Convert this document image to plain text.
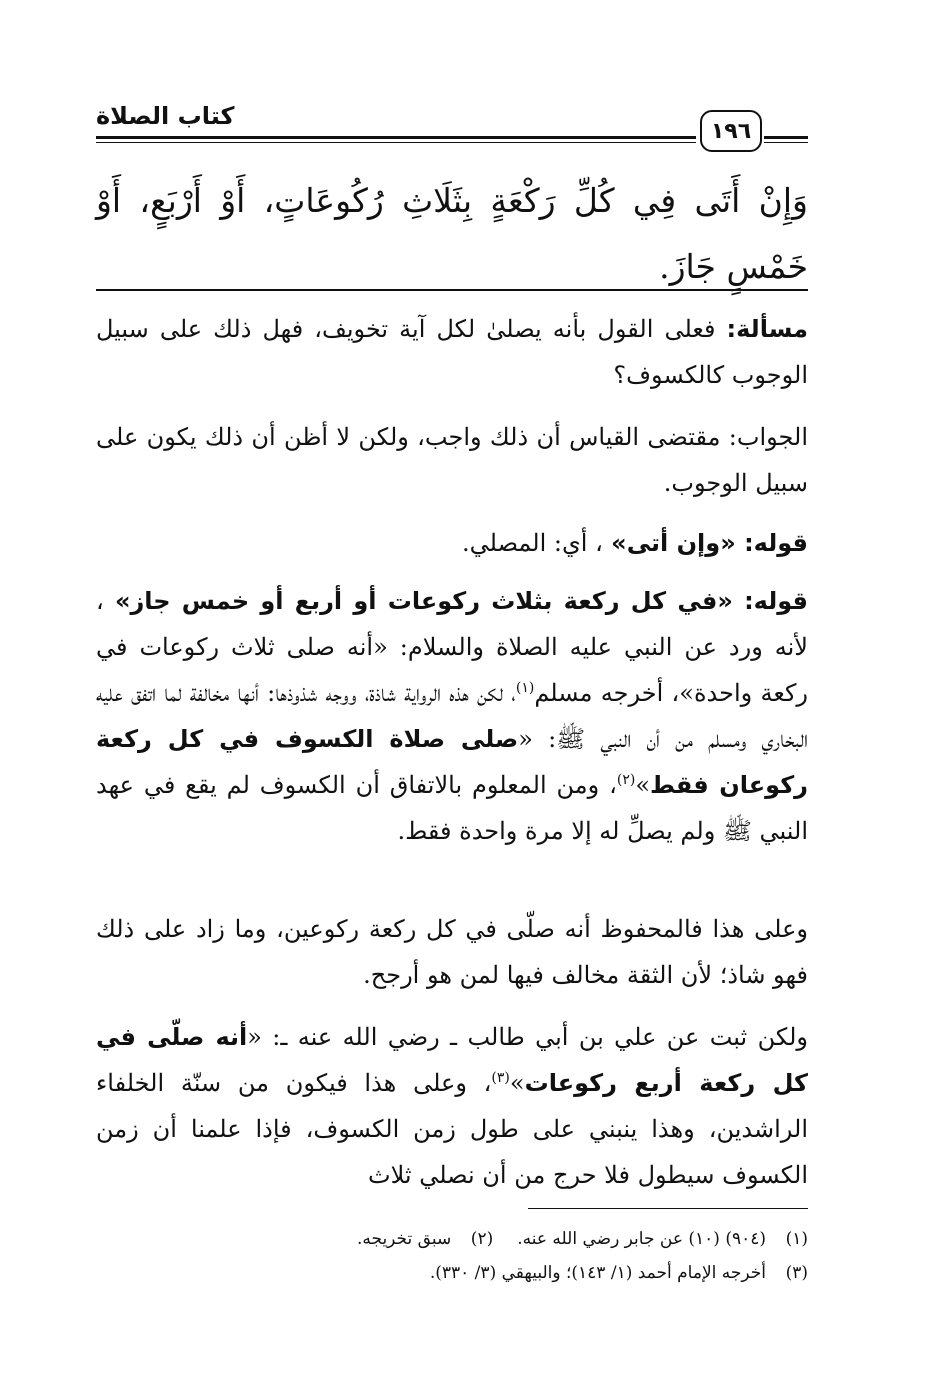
كتاب الصلاة
١٩٦
وَإِنْ أَتَى فِي كُلِّ رَكْعَةٍ بِثَلَاثِ رُكُوعَاتٍ، أَوْ أَرْبَعٍ، أَوْ خَمْسٍ جَازَ.
مسألة: فعلى القول بأنه يصلىٰ لكل آية تخويف، فهل ذلك على سبيل الوجوب كالكسوف؟
الجواب: مقتضى القياس أن ذلك واجب، ولكن لا أظن أن ذلك يكون على سبيل الوجوب.
قوله: «وإن أتى» ، أي: المصلي.
قوله: «في كل ركعة بثلاث ركوعات أو أربع أو خمس جاز» ، لأنه ورد عن النبي عليه الصلاة والسلام: «أنه صلى ثلاث ركوعات في ركعة واحدة»، أخرجه مسلم$^{(١)}$، لكن هذه الرواية شاذة، ووجه شذوذها: أنها مخالفة لما اتفق عليه البخاري ومسلم من أن النبي ﷺ: «صلى صلاة الكسوف في كل ركعة ركوعان فقط»$^{(٢)}$، ومن المعلوم بالاتفاق أن الكسوف لم يقع في عهد النبي ﷺ ولم يصلِّ له إلا مرة واحدة فقط.
وعلى هذا فالمحفوظ أنه صلّى في كل ركعة ركوعين، وما زاد على ذلك فهو شاذ؛ لأن الثقة مخالف فيها لمن هو أرجح.
ولكن ثبت عن علي بن أبي طالب ـ رضي الله عنه ـ: «أنه صلّى في كل ركعة أربع ركوعات»$^{(٣)}$، وعلى هذا فيكون من سنّة الخلفاء الراشدين، وهذا ينبني على طول زمن الكسوف، فإذا علمنا أن زمن الكسوف سيطول فلا حرج من أن نصلي ثلاث
(١)(٩٠٤) (١٠) عن جابر رضي الله عنه.(٢)سبق تخريجه.
(٣)أخرجه الإمام أحمد (١/ ١٤٣)؛ والبيهقي (٣/ ٣٣٠).
